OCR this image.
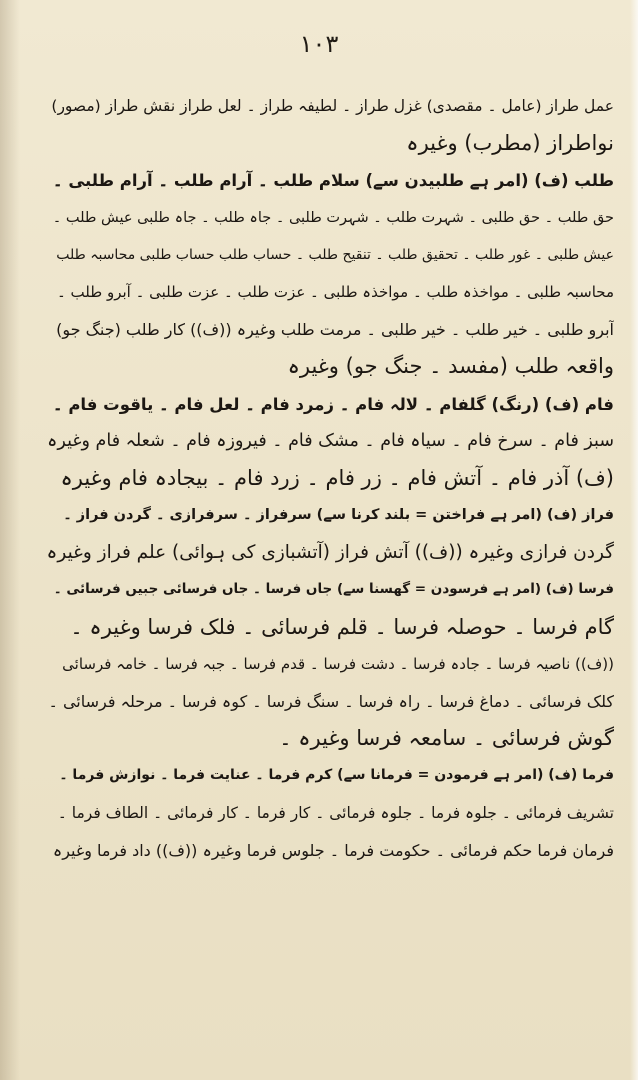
۱۰۳
عمل طراز (عامل ۔ مقصدی) غزل طراز ۔ لطیفہ طراز ۔ لعل طراز نقش طراز (مصور)
نواطراز (مطرب) وغیرہ
طلب (ف) (امر ہے طلبیدن سے) سلام طلب ۔ آرام طلب ۔ آرام طلبی ۔
حق طلب ۔ حق طلبی ۔ شہرت طلب ۔ شہرت طلبی ۔ جاہ طلب ۔ جاہ طلبی عیش طلب ۔
عیش طلبی ۔ غور طلب ۔ تحقیق طلب ۔ تنقیح طلب ۔ حساب طلب حساب طلبی محاسبہ طلب
محاسبہ طلبی ۔ مواخذہ طلب ۔ مواخذہ طلبی ۔ عزت طلب ۔ عزت طلبی ۔ آبرو طلب ۔
آبرو طلبی ۔ خیر طلب ۔ خیر طلبی ۔ مرمت طلب وغیرہ ((ف)) کار طلب (جنگ جو)
واقعہ طلب (مفسد ۔ جنگ جو) وغیرہ
فام (ف) (رنگ) گلفام ۔ لالہ فام ۔ زمرد فام ۔ لعل فام ۔ یاقوت فام ۔
سبز فام ۔ سرخ فام ۔ سیاہ فام ۔ مشک فام ۔ فیروزہ فام ۔ شعلہ فام وغیرہ
(ف) آذر فام ۔ آتش فام ۔ زر فام ۔ زرد فام ۔ بیجادہ فام وغیرہ
فراز (ف) (امر ہے فراختن = بلند کرنا سے) سرفراز ۔ سرفرازی ۔ گردن فراز ۔
گردن فرازی وغیرہ ((ف)) آتش فراز (آتشبازی کی ہوائی) علم فراز وغیرہ
فرسا (ف) (امر ہے فرسودن = گھسنا سے) جاں فرسا ۔ جاں فرسائی جبیں فرسائی ۔
گام فرسا ۔ حوصلہ فرسا ۔ قلم فرسائی ۔ فلک فرسا وغیرہ ۔
((ف)) ناصیہ فرسا ۔ جادہ فرسا ۔ دشت فرسا ۔ قدم فرسا ۔ جبہ فرسا ۔ خامہ فرسائی
کلک فرسائی ۔ دماغ فرسا ۔ راہ فرسا ۔ سنگ فرسا ۔ کوہ فرسا ۔ مرحلہ فرسائی ۔
گوش فرسائی ۔ سامعہ فرسا وغیرہ ۔
فرما (ف) (امر ہے فرمودن = فرمانا سے) کرم فرما ۔ عنایت فرما ۔ نوازش فرما ۔
تشریف فرمائی ۔ جلوہ فرما ۔ جلوہ فرمائی ۔ کار فرما ۔ کار فرمائی ۔ الطاف فرما ۔
فرمان فرما حکم فرمائی ۔ حکومت فرما ۔ جلوس فرما وغیرہ ((ف)) داد فرما وغیرہ
